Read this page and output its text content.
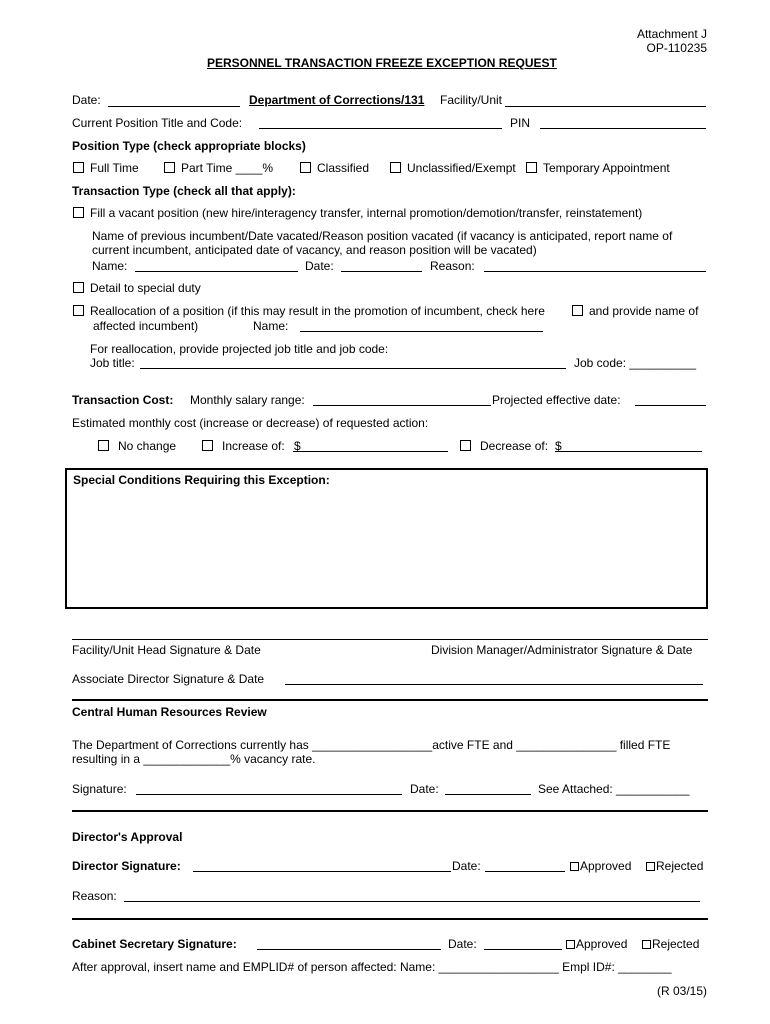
Attachment J
OP-110235
PERSONNEL TRANSACTION FREEZE EXCEPTION REQUEST
Date:	Department of Corrections/131 Facility/Unit
Current Position Title and Code:	PIN
Position Type (check appropriate blocks)
Full Time	Part Time ____%	Classified	Unclassified/Exempt Temporary Appointment
Transaction Type (check all that apply):
Fill a vacant position (new hire/interagency transfer, internal promotion/demotion/transfer, reinstatement)
Name of previous incumbent/Date vacated/Reason position vacated (if vacancy is anticipated, report name of
current incumbent, anticipated date of vacancy, and reason position will be vacated)
Name:	Date:	Reason:
Detail to special duty
Reallocation of a position (if this may result in the promotion of incumbent, check here	and provide name of
affected incumbent)	Name:
For reallocation, provide projected job title and job code:
Job title:	Job code: __________
Transaction Cost: Monthly salary range:	Projected effective date:
Estimated monthly cost (increase or decrease) of requested action:
No change	Increase of: $	Decrease of: $
Special Conditions Requiring this Exception:
Facility/Unit Head Signature & Date	Division Manager/Administrator Signature & Date
Associate Director Signature & Date
Central Human Resources Review
The Department of Corrections currently has __________________active FTE and _______________ filled FTE
resulting in a _____________% vacancy rate.
Signature:	Date:	See Attached: ___________
Director's Approval
Director Signature:	Date:	Approved Rejected
Reason:
Cabinet Secretary Signature:	Date:	Approved Rejected
After approval, insert name and EMPLID# of person affected: Name: __________________ Empl ID#: ________
(R 03/15)
